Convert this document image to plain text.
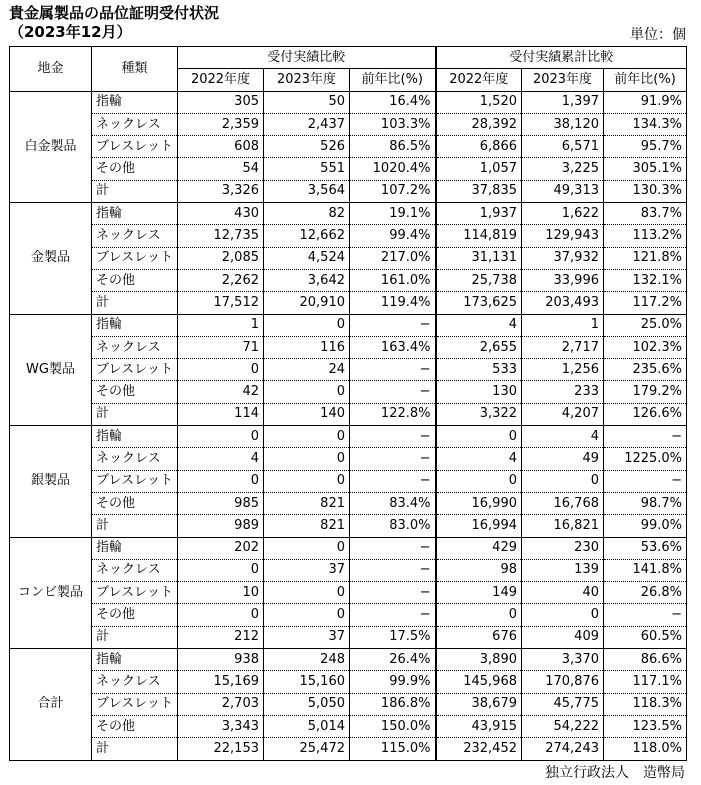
貴金属製品の品位証明受付状況
（2023年12月）	単位：個
地金	種類	受付実績比較			受付実績累計比較		
		2022年度	2023年度	前年比(%)	2022年度	2023年度	前年比(%)
白金製品	指輪	305	50	16.4%	1,520	1,397	91.9%
	ネックレス	2,359	2,437	103.3%	28,392	38,120	134.3%
	ブレスレット	608	526	86.5%	6,866	6,571	95.7%
	その他	54	551	1020.4%	1,057	3,225	305.1%
	計	3,326	3,564	107.2%	37,835	49,313	130.3%
金製品	指輪	430	82	19.1%	1,937	1,622	83.7%
	ネックレス	12,735	12,662	99.4%	114,819	129,943	113.2%
	ブレスレット	2,085	4,524	217.0%	31,131	37,932	121.8%
	その他	2,262	3,642	161.0%	25,738	33,996	132.1%
	計	17,512	20,910	119.4%	173,625	203,493	117.2%
WG製品	指輪	1	0	−	4	1	25.0%
	ネックレス	71	116	163.4%	2,655	2,717	102.3%
	ブレスレット	0	24	−	533	1,256	235.6%
	その他	42	0	−	130	233	179.2%
	計	114	140	122.8%	3,322	4,207	126.6%
銀製品	指輪	0	0	−	0	4	−
	ネックレス	4	0	−	4	49	1225.0%
	ブレスレット	0	0	−	0	0	−
	その他	985	821	83.4%	16,990	16,768	98.7%
	計	989	821	83.0%	16,994	16,821	99.0%
コンビ製品	指輪	202	0	−	429	230	53.6%
	ネックレス	0	37	−	98	139	141.8%
	ブレスレット	10	0	−	149	40	26.8%
	その他	0	0	−	0	0	−
	計	212	37	17.5%	676	409	60.5%
合計	指輪	938	248	26.4%	3,890	3,370	86.6%
	ネックレス	15,169	15,160	99.9%	145,968	170,876	117.1%
	ブレスレット	2,703	5,050	186.8%	38,679	45,775	118.3%
	その他	3,343	5,014	150.0%	43,915	54,222	123.5%
	計	22,153	25,472	115.0%	232,452	274,243	118.0%
独立行政法人　造幣局
